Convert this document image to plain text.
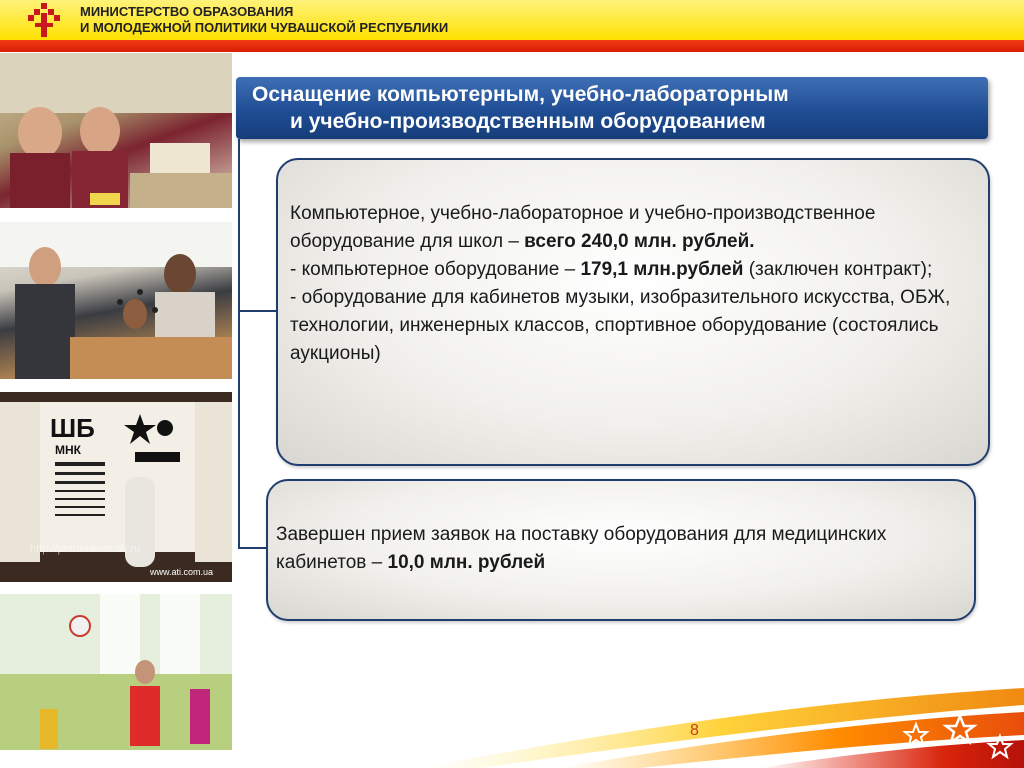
МИНИСТЕРСТВО ОБРАЗОВАНИЯ
И МОЛОДЕЖНОЙ ПОЛИТИКИ ЧУВАШСКОЙ РЕСПУБЛИКИ
ШБ
МНК
http://petromensnak.ru
www.ati.com.ua
Оснащение компьютерным, учебно-лабораторным
и учебно-производственным оборудованием

Компьютерное, учебно-лабораторное и учебно-производственное оборудование для школ – всего 240,0 млн. рублей.

- компьютерное оборудование – 179,1 млн.рублей (заключен контракт);

- оборудование для кабинетов музыки, изобразительного искусства, ОБЖ, технологии, инженерных классов, спортивное оборудование (состоялись аукционы)

Завершен прием заявок на поставку оборудования для медицинских кабинетов – 10,0 млн. рублей
8
